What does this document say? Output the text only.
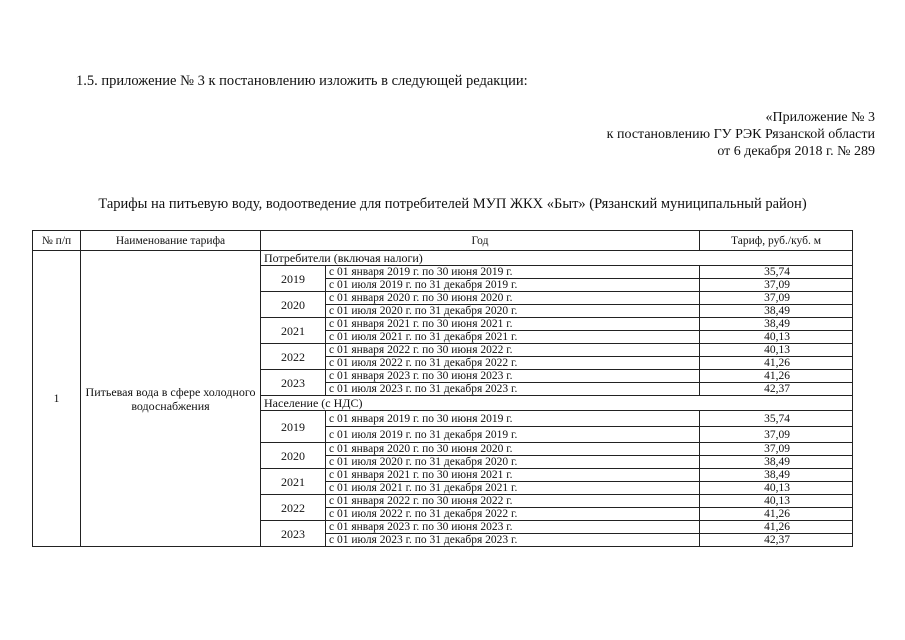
1.5. приложение № 3 к постановлению изложить в следующей редакции:
«Приложение № 3
к постановлению ГУ РЭК Рязанской области
от 6 декабря 2018 г. № 289
Тарифы на питьевую воду, водоотведение для потребителей МУП ЖКХ «Быт» (Рязанский муниципальный район)
№ п/п	Наименование тарифа	Год		Тариф, руб./куб. м
1	Питьевая вода в сфере холодного водоснабжения	Потребители (включая налоги)		
		2019	с 01 января 2019 г. по 30 июня 2019 г.	35,74
			с 01 июля 2019 г. по 31 декабря 2019 г.	37,09
		2020	с 01 января 2020 г. по 30 июня 2020 г.	37,09
			с 01 июля 2020 г. по 31 декабря 2020 г.	38,49
		2021	с 01 января 2021 г. по 30 июня 2021 г.	38,49
			с 01 июля 2021 г. по 31 декабря 2021 г.	40,13
		2022	с 01 января 2022 г. по 30 июня 2022 г.	40,13
			с 01 июля 2022 г. по 31 декабря 2022 г.	41,26
		2023	с 01 января 2023 г. по 30 июня 2023 г.	41,26
			с 01 июля 2023 г. по 31 декабря 2023 г.	42,37
		Население (с НДС)		
		2019	с 01 января 2019 г. по 30 июня 2019 г.	35,74
			с 01 июля 2019 г. по 31 декабря 2019 г.	37,09
		2020	с 01 января 2020 г. по 30 июня 2020 г.	37,09
			с 01 июля 2020 г. по 31 декабря 2020 г.	38,49
		2021	с 01 января 2021 г. по 30 июня 2021 г.	38,49
			с 01 июля 2021 г. по 31 декабря 2021 г.	40,13
		2022	с 01 января 2022 г. по 30 июня 2022 г.	40,13
			с 01 июля 2022 г. по 31 декабря 2022 г.	41,26
		2023	с 01 января 2023 г. по 30 июня 2023 г.	41,26
			с 01 июля 2023 г. по 31 декабря 2023 г.	42,37
